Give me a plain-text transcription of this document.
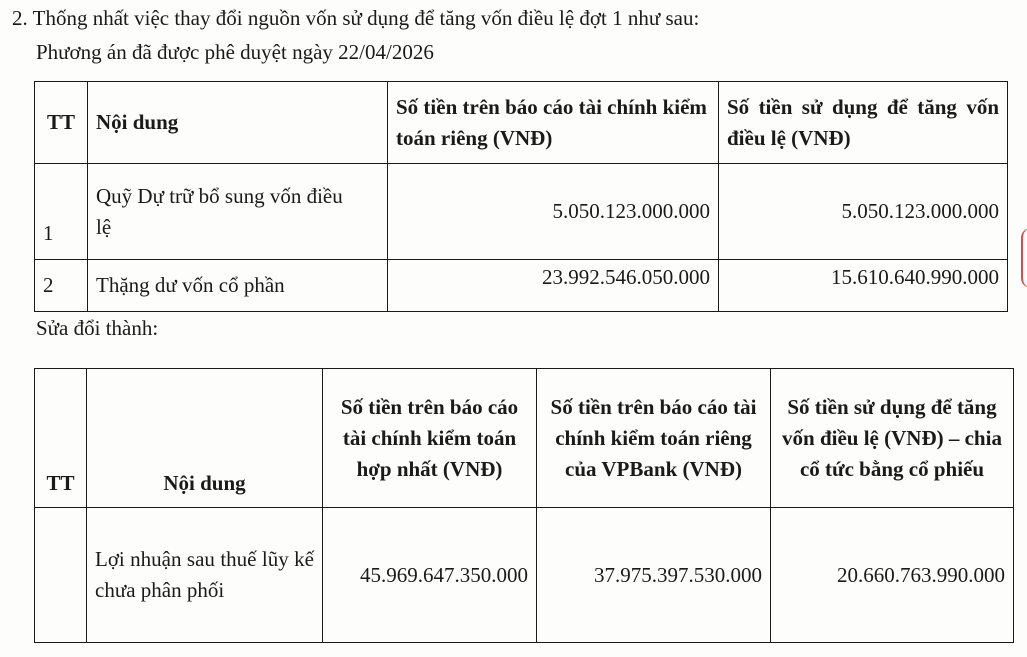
2. Thống nhất việc thay đổi nguồn vốn sử dụng để tăng vốn điều lệ đợt 1 như sau:
Phương án đã được phê duyệt ngày 22/04/2026
TT	Nội dung	Số tiền trên báo cáo tài chính kiểm toán riêng (VNĐ)	Số tiền sử dụng để tăng vốn điều lệ (VNĐ)
1	Quỹ Dự trữ bổ sung vốn điều lệ	5.050.123.000.000	5.050.123.000.000
2	Thặng dư vốn cổ phần	23.992.546.050.000	15.610.640.990.000
Sửa đổi thành:
TT	Nội dung	Số tiền trên báo cáo tài chính kiểm toán hợp nhất (VNĐ)	Số tiền trên báo cáo tài chính kiểm toán riêng của VPBank (VNĐ)	Số tiền sử dụng để tăng vốn điều lệ (VNĐ) – chia cổ tức bằng cổ phiếu
	Lợi nhuận sau thuế lũy kế chưa phân phối	45.969.647.350.000	37.975.397.530.000	20.660.763.990.000
